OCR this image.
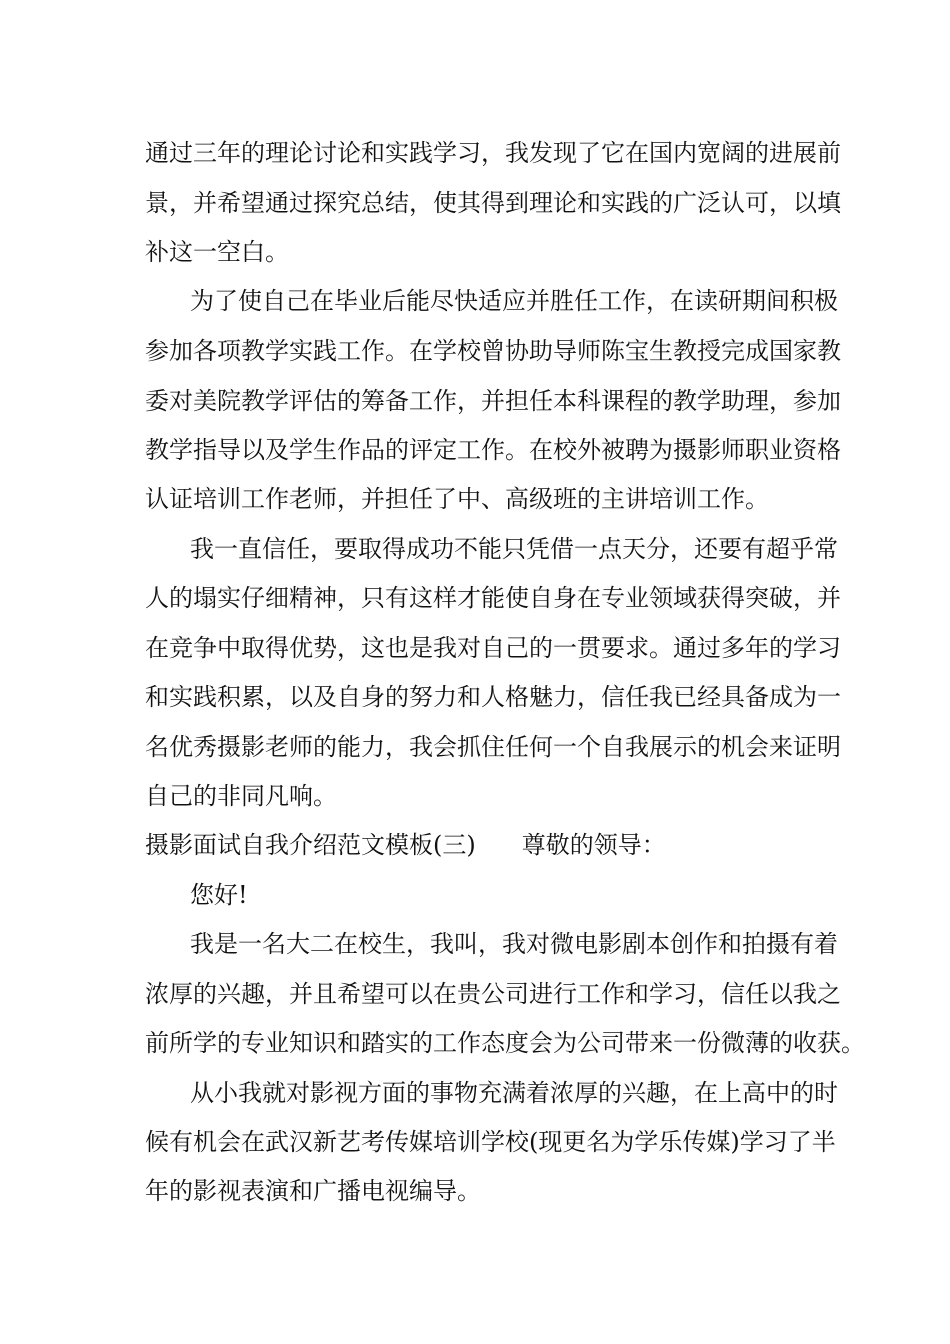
通过三年的理论讨论和实践学习，我发现了它在国内宽阔的进展前
景，并希望通过探究总结，使其得到理论和实践的广泛认可，以填
补这一空白。
为了使自己在毕业后能尽快适应并胜任工作，在读研期间积极
参加各项教学实践工作。在学校曾协助导师陈宝生教授完成国家教
委对美院教学评估的筹备工作，并担任本科课程的教学助理，参加
教学指导以及学生作品的评定工作。在校外被聘为摄影师职业资格
认证培训工作老师，并担任了中、高级班的主讲培训工作。
我一直信任，要取得成功不能只凭借一点天分，还要有超乎常
人的塌实仔细精神，只有这样才能使自身在专业领域获得突破，并
在竞争中取得优势，这也是我对自己的一贯要求。通过多年的学习
和实践积累，以及自身的努力和人格魅力，信任我已经具备成为一
名优秀摄影老师的能力，我会抓住任何一个自我展示的机会来证明
自己的非同凡响。
摄影面试自我介绍范文模板(三) 尊敬的领导：
您好!
我是一名大二在校生，我叫，我对微电影剧本创作和拍摄有着
浓厚的兴趣，并且希望可以在贵公司进行工作和学习，信任以我之
前所学的专业知识和踏实的工作态度会为公司带来一份微薄的收获。
从小我就对影视方面的事物充满着浓厚的兴趣，在上高中的时
候有机会在武汉新艺考传媒培训学校(现更名为学乐传媒)学习了半
年的影视表演和广播电视编导。
